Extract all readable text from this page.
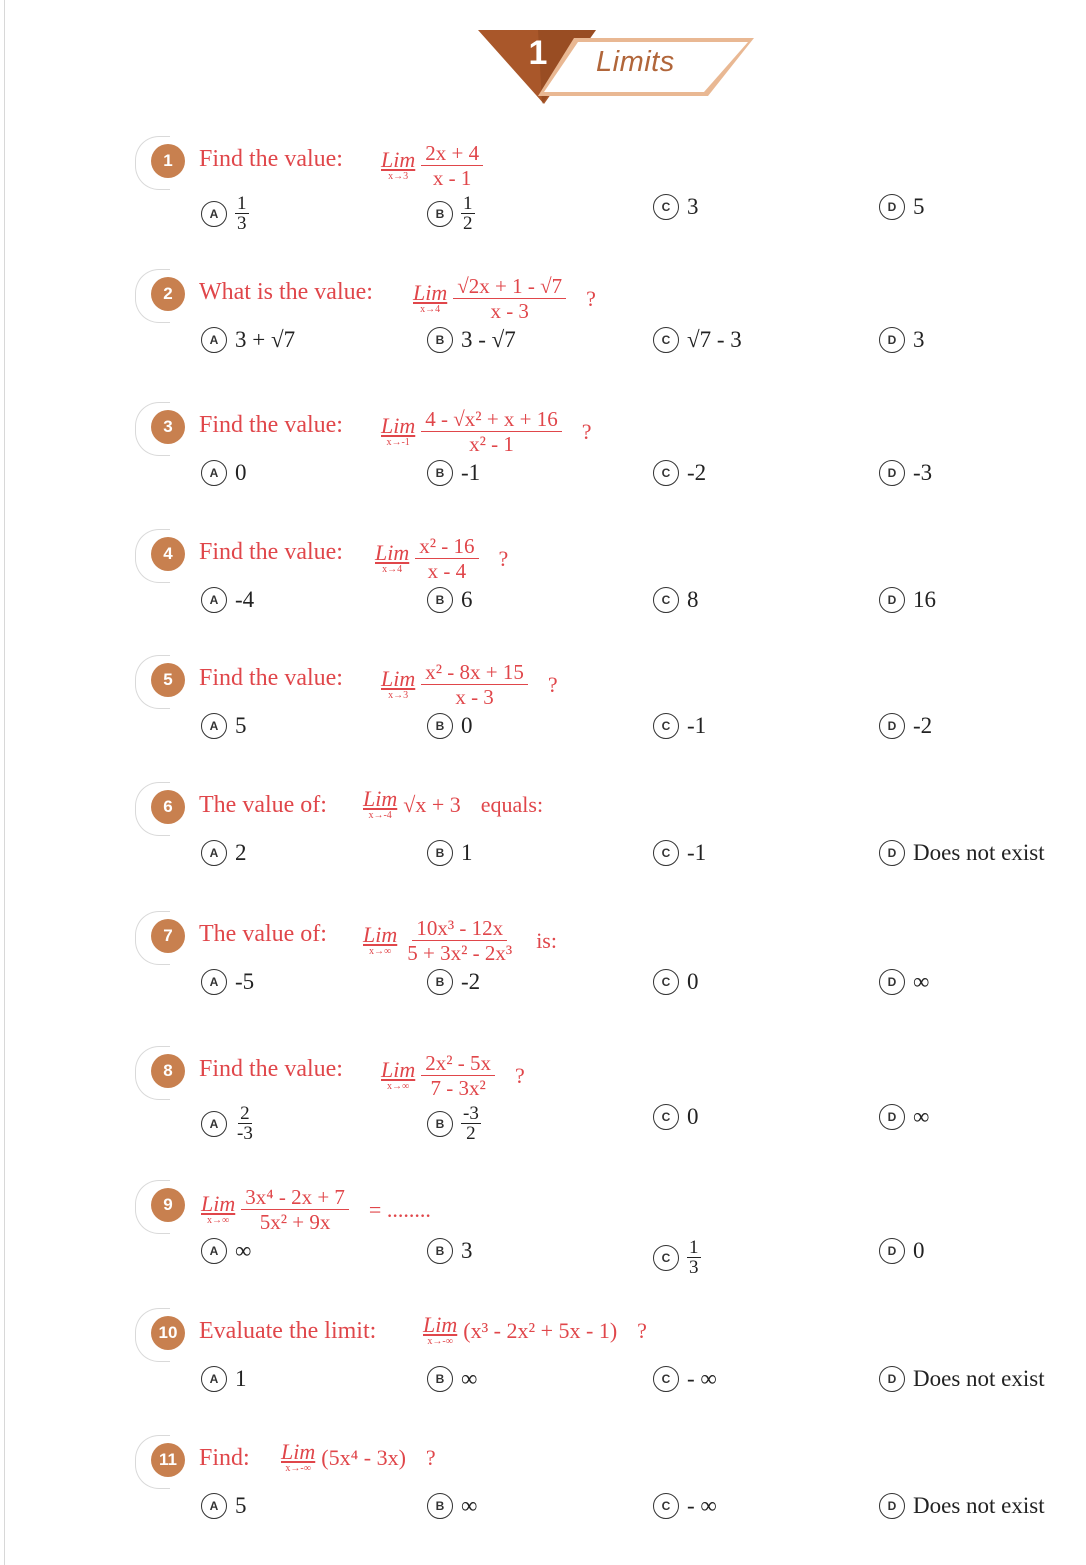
1	Limits
1	Find the value: Lim
$x\to 3 \frac{2x + 4}{x - 1}$
A $\frac{1}{3}$	B $\frac{1}{2}$	C 3	D 5
2	What is the value: Lim
$x\to 4 \frac{√2x + 1 - √7}{x - 3}$ ?
A 3 + √7	B 3 - √7	C √7 - 3	D 3
3	Find the value: Lim
$x\to-1 \frac{\text{4 - √x² + x + 16}}{\text{x² - 1}}$ ?
A 0	B -1	C -2	D -3
4	Find the value: Lim
$x\to 4 \frac{\text{x² - 16}}{x - 4}$ ?
A -4	B 6	C 8	D 16
5	Find the value: Lim
$x\to 3 \frac{\text{x² - 8x + 15}}{x - 3}$ ?
A 5	B 0	C -1	D -2
6	The value of: Lim
x→-4 √x + 3 equals:
A 2	B 1	C -1	D Does not exist
7	The value of: Lim
$x\to\infty \frac{\text{10x³ - 12x}}{\text{5 + 3x² - 2x³}}$ is:
A -5	B -2	C 0	D ∞
8	Find the value: Lim
$x\to\infty \frac{\text{2x² - 5x}}{\text{7 - 3x²}}$ ?
A $\frac{2}{-3}$	B $\frac{-3}{2}$	C 0	D ∞
9	Lim
$x\to\infty \frac{\text{3x⁴ - 2x + 7}}{\text{5x² + 9x}}$ = ........
A ∞	B 3	C $\frac{1}{3}$	D 0
10 Evaluate the limit: Lim
x→-∞ (x³ - 2x² + 5x - 1) ?
A 1	B ∞	C - ∞	D Does not exist
11 Find: Lim
x→-∞ (5x⁴ - 3x) ?
A 5	B ∞	C - ∞	D Does not exist
